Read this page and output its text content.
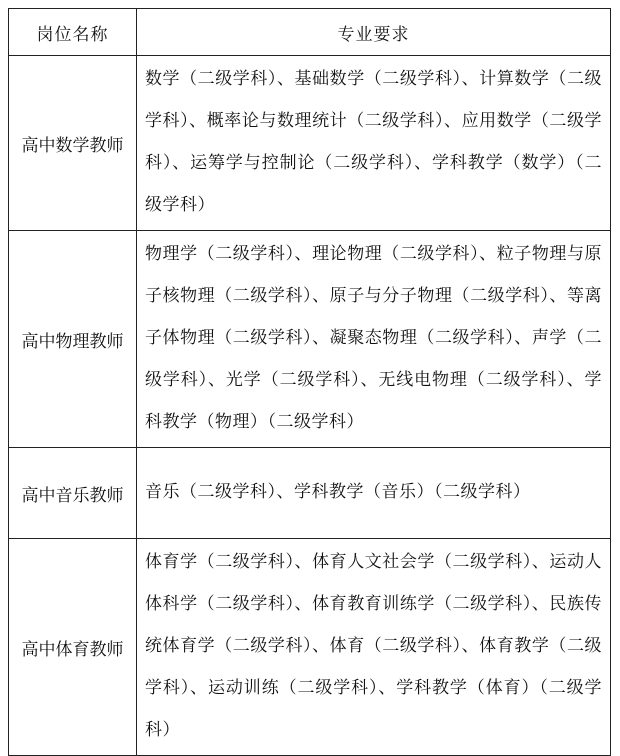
岗位名称	专业要求
高中数学教师	数学（二级学科）、基础数学（二级学科）、计算数学（二级学科）、概率论与数理统计（二级学科）、应用数学（二级学科）、运筹学与控制论（二级学科）、学科教学（数学）（二级学科）
高中物理教师	物理学（二级学科）、理论物理（二级学科）、粒子物理与原子核物理（二级学科）、原子与分子物理（二级学科）、等离子体物理（二级学科）、凝聚态物理（二级学科）、声学（二级学科）、光学（二级学科）、无线电物理（二级学科）、学科教学（物理）（二级学科）
高中音乐教师	音乐（二级学科）、学科教学（音乐）（二级学科）
高中体育教师	体育学（二级学科）、体育人文社会学（二级学科）、运动人体科学（二级学科）、体育教育训练学（二级学科）、民族传统体育学（二级学科）、体育（二级学科）、体育教学（二级学科）、运动训练（二级学科）、学科教学（体育）（二级学科）
